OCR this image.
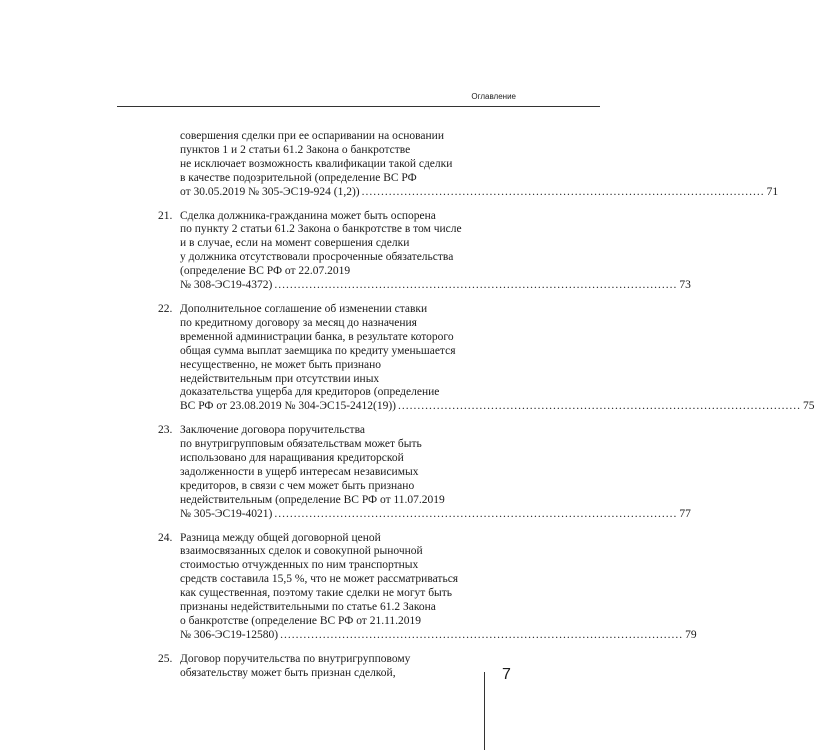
Оглавление
совершения сделки при ее оспаривании на основании
пунктов 1 и 2 статьи 61.2 Закона о банкротстве
не исключает возможность квалификации такой сделки
в качестве подозрительной (определение ВС РФ
от 30.05.2019 № 305-ЭС19-924 (1,2)) ........................................................................................................ 71
21. Сделка должника-гражданина может быть оспорена
по пункту 2 статьи 61.2 Закона о банкротстве в том числе
и в случае, если на момент совершения сделки
у должника отсутствовали просроченные обязательства
(определение ВС РФ от 22.07.2019
№ 308-ЭС19-4372) ........................................................................................................ 73
22. Дополнительное соглашение об изменении ставки
по кредитному договору за месяц до назначения
временной администрации банка, в результате которого
общая сумма выплат заемщика по кредиту уменьшается
несущественно, не может быть признано
недействительным при отсутствии иных
доказательства ущерба для кредиторов (определение
ВС РФ от 23.08.2019 № 304-ЭС15-2412(19)) ........................................................................................................ 75
23. Заключение договора поручительства
по внутригрупповым обязательствам может быть
использовано для наращивания кредиторской
задолженности в ущерб интересам независимых
кредиторов, в связи с чем может быть признано
недействительным (определение ВС РФ от 11.07.2019
№ 305-ЭС19-4021) ........................................................................................................ 77
24. Разница между общей договорной ценой
взаимосвязанных сделок и совокупной рыночной
стоимостью отчужденных по ним транспортных
средств составила 15,5 %, что не может рассматриваться
как существенная, поэтому такие сделки не могут быть
признаны недействительными по статье 61.2 Закона
о банкротстве (определение ВС РФ от 21.11.2019
№ 306-ЭС19-12580) ........................................................................................................ 79
25. Договор поручительства по внутригрупповому
обязательству может быть признан сделкой,	7
